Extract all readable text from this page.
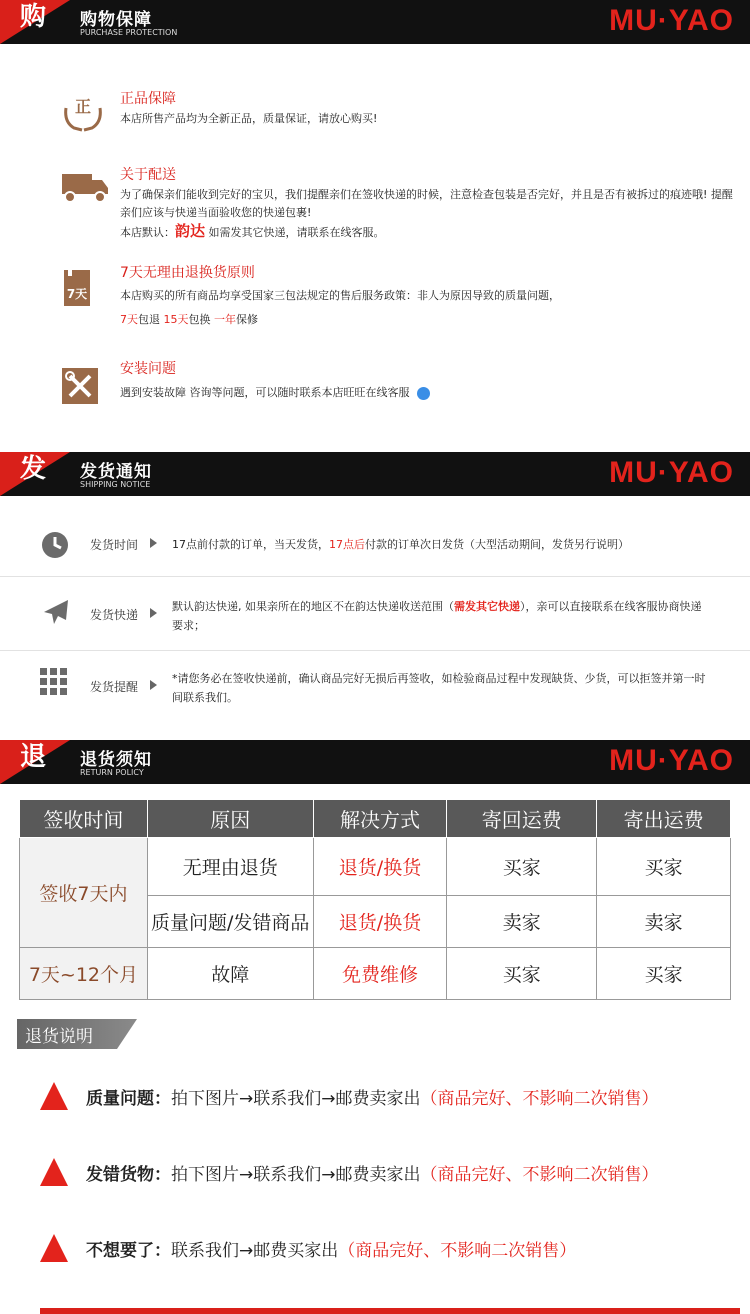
购	购物保障
PURCHASE PROTECTION	MU·YAO
正 正品保障
本店所售产品均为全新正品，质量保证，请放心购买!
关于配送
为了确保亲们能收到完好的宝贝，我们提醒亲们在签收快递的时候，注意检查包装是否完好，并且是否有被拆过的痕迹哦! 提醒亲们应该与快递当面验收您的快递包裹!
本店默认：韵达 如需发其它快递，请联系在线客服。
7天
7天无理由退换货原则
本店购买的所有商品均享受国家三包法规定的售后服务政策：非人为原因导致的质量问题，
7天包退 15天包换 一年保修
安装问题
遇到安装故障 咨询等问题，可以随时联系本店旺旺在线客服
发	发货通知
SHIPPING NOTICE	MU·YAO
发货时间	17点前付款的订单，当天发货，17点后付款的订单次日发货（大型活动期间，发货另行说明）
发货快递
默认韵达快递, 如果亲所在的地区不在韵达快递收送范围（需发其它快递），亲可以直接联系在线客服协商快递要求；
发货提醒
*请您务必在签收快递前，确认商品完好无损后再签收，如检验商品过程中发现缺货、少货，可以拒签并第一时间联系我们。
退	退货须知
RETURN POLICY	MU·YAO
签收时间	原因	解决方式	寄回运费	寄出运费
签收7天内	无理由退货	退货/换货	买家	买家
	质量问题/发错商品	退货/换货	卖家	卖家
7天~12个月	故障	免费维修	买家	买家
退货说明
质量问题：拍下图片→联系我们→邮费卖家出（商品完好、不影响二次销售）
发错货物：拍下图片→联系我们→邮费卖家出（商品完好、不影响二次销售）
不想要了：联系我们→邮费买家出（商品完好、不影响二次销售）
